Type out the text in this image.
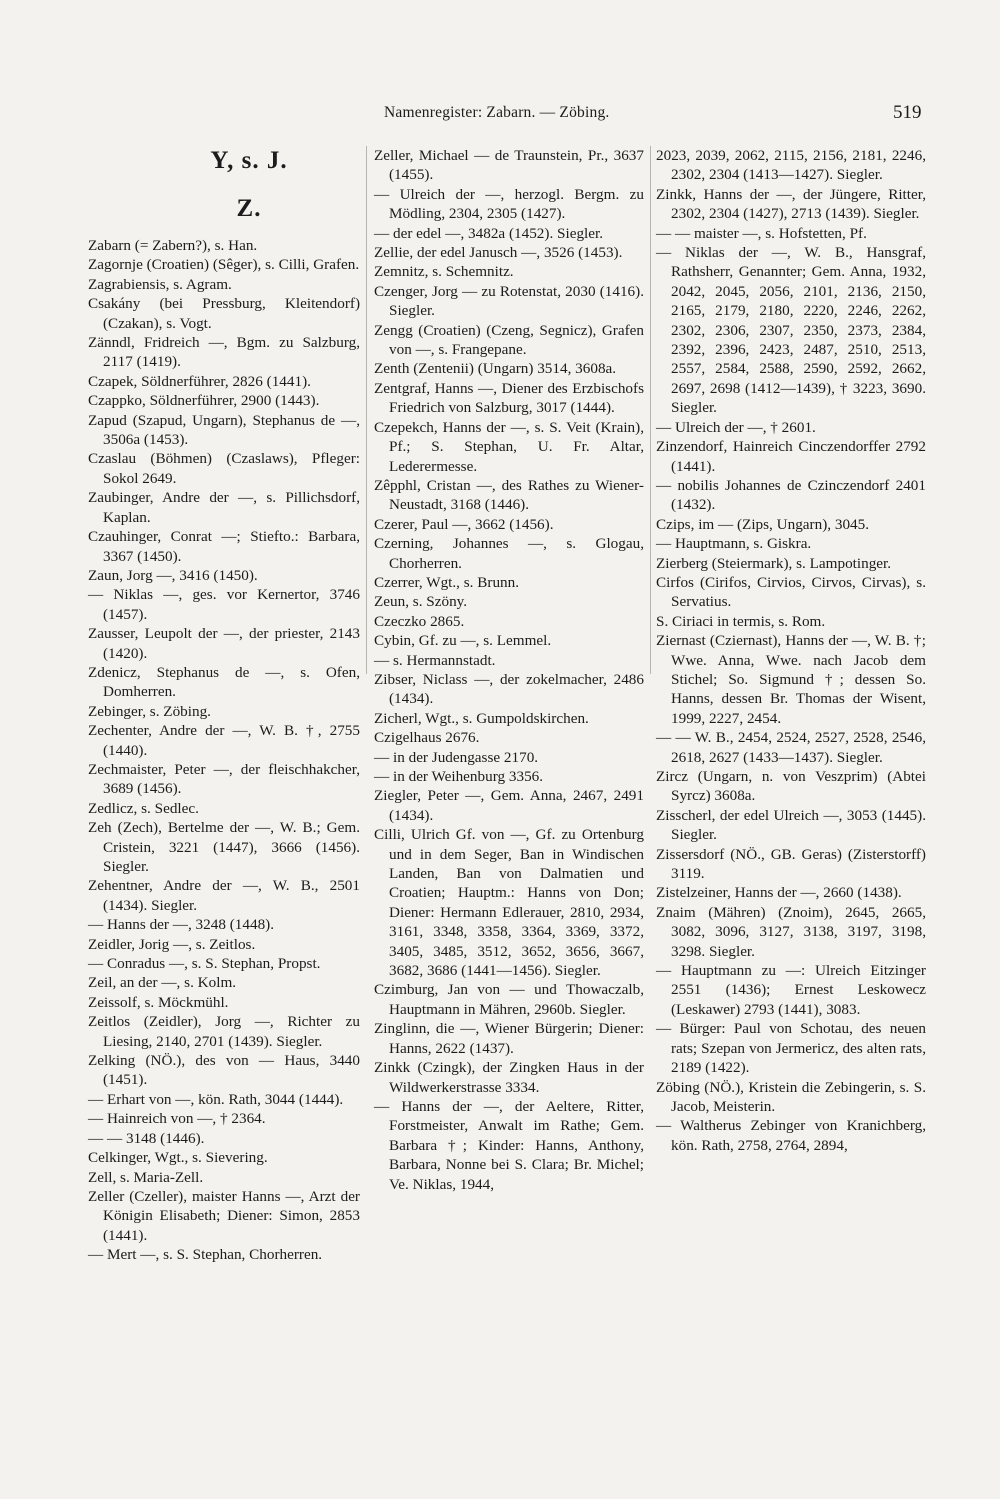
Namenregister: Zabarn. — Zöbing.	519
Y, s. J.
Z.

Zabarn (= Zabern?), s. Han.

Zagornje (Croatien) (Sêger), s. Cilli, Grafen.

Zagrabiensis, s. Agram.

Csakány (bei Pressburg, Kleitendorf) (Czakan), s. Vogt.

Zänndl, Fridreich —, Bgm. zu Salzburg, 2117 (1419).

Czapek, Söldnerführer, 2826 (1441).

Czappko, Söldnerführer, 2900 (1443).

Zapud (Szapud, Ungarn), Stephanus de —, 3506a (1453).

Czaslau (Böhmen) (Czaslaws), Pfleger: Sokol 2649.

Zaubinger, Andre der —, s. Pillichsdorf, Kaplan.

Czauhinger, Conrat —; Stiefto.: Barbara, 3367 (1450).

Zaun, Jorg —, 3416 (1450).

— Niklas —, ges. vor Kernertor, 3746 (1457).

Zausser, Leupolt der —, der priester, 2143 (1420).

Zdenicz, Stephanus de —, s. Ofen, Domherren.

Zebinger, s. Zöbing.

Zechenter, Andre der —, W. B. †, 2755 (1440).

Zechmaister, Peter —, der fleischhakcher, 3689 (1456).

Zedlicz, s. Sedlec.

Zeh (Zech), Bertelme der —, W. B.; Gem. Cristein, 3221 (1447), 3666 (1456). Siegler.

Zehentner, Andre der —, W. B., 2501 (1434). Siegler.

— Hanns der —, 3248 (1448).

Zeidler, Jorig —, s. Zeitlos.

— Conradus —, s. S. Stephan, Propst.

Zeil, an der —, s. Kolm.

Zeissolf, s. Möckmühl.

Zeitlos (Zeidler), Jorg —, Richter zu Liesing, 2140, 2701 (1439). Siegler.

Zelking (NÖ.), des von — Haus, 3440 (1451).

— Erhart von —, kön. Rath, 3044 (1444).

— Hainreich von —, † 2364.

— — 3148 (1446).

Celkinger, Wgt., s. Sievering.

Zell, s. Maria-Zell.

Zeller (Czeller), maister Hanns —, Arzt der Königin Elisabeth; Diener: Simon, 2853 (1441).

— Mert —, s. S. Stephan, Chorherren.

Zeller, Michael — de Traunstein, Pr., 3637 (1455).

— Ulreich der —, herzogl. Bergm. zu Mödling, 2304, 2305 (1427).

— der edel —, 3482a (1452). Siegler.

Zellie, der edel Janusch —, 3526 (1453).

Zemnitz, s. Schemnitz.

Czenger, Jorg — zu Rotenstat, 2030 (1416). Siegler.

Zengg (Croatien) (Czeng, Segnicz), Grafen von —, s. Frangepane.

Zenth (Zentenii) (Ungarn) 3514, 3608a.

Zentgraf, Hanns —, Diener des Erzbischofs Friedrich von Salzburg, 3017 (1444).

Czepekch, Hanns der —, s. S. Veit (Krain), Pf.; S. Stephan, U. Fr. Altar, Lederermesse.

Zêpphl, Cristan —, des Rathes zu Wiener-Neustadt, 3168 (1446).

Czerer, Paul —, 3662 (1456).

Czerning, Johannes —, s. Glogau, Chorherren.

Czerrer, Wgt., s. Brunn.

Zeun, s. Szöny.

Czeczko 2865.

Cybin, Gf. zu —, s. Lemmel.

— s. Hermannstadt.

Zibser, Niclass —, der zokelmacher, 2486 (1434).

Zicherl, Wgt., s. Gumpoldskirchen.

Czigelhaus 2676.

— in der Judengasse 2170.

— in der Weihenburg 3356.

Ziegler, Peter —, Gem. Anna, 2467, 2491 (1434).

Cilli, Ulrich Gf. von —, Gf. zu Ortenburg und in dem Seger, Ban in Windischen Landen, Ban von Dalmatien und Croatien; Hauptm.: Hanns von Don; Diener: Hermann Edlerauer, 2810, 2934, 3161, 3348, 3358, 3364, 3369, 3372, 3405, 3485, 3512, 3652, 3656, 3667, 3682, 3686 (1441—1456). Siegler.

Czimburg, Jan von — und Thowaczalb, Hauptmann in Mähren, 2960b. Siegler.

Zinglinn, die —, Wiener Bürgerin; Diener: Hanns, 2622 (1437).

Zinkk (Czingk), der Zingken Haus in der Wildwerkerstrasse 3334.

— Hanns der —, der Aeltere, Ritter, Forstmeister, Anwalt im Rathe; Gem. Barbara †; Kinder: Hanns, Anthony, Barbara, Nonne bei S. Clara; Br. Michel; Ve. Niklas, 1944,

2023, 2039, 2062, 2115, 2156, 2181, 2246, 2302, 2304 (1413—1427). Siegler.

Zinkk, Hanns der —, der Jüngere, Ritter, 2302, 2304 (1427), 2713 (1439). Siegler.

— — maister —, s. Hofstetten, Pf.

— Niklas der —, W. B., Hansgraf, Rathsherr, Genannter; Gem. Anna, 1932, 2042, 2045, 2056, 2101, 2136, 2150, 2165, 2179, 2180, 2220, 2246, 2262, 2302, 2306, 2307, 2350, 2373, 2384, 2392, 2396, 2423, 2487, 2510, 2513, 2557, 2584, 2588, 2590, 2592, 2662, 2697, 2698 (1412—1439), † 3223, 3690. Siegler.

— Ulreich der —, † 2601.

Zinzendorf, Hainreich Cinczendorffer 2792 (1441).

— nobilis Johannes de Czinczendorf 2401 (1432).

Czips, im — (Zips, Ungarn), 3045.

— Hauptmann, s. Giskra.

Zierberg (Steiermark), s. Lampotinger.

Cirfos (Cirifos, Cirvios, Cirvos, Cirvas), s. Servatius.

S. Ciriaci in termis, s. Rom.

Ziernast (Cziernast), Hanns der —, W. B. †; Wwe. Anna, Wwe. nach Jacob dem Stichel; So. Sigmund †; dessen So. Hanns, dessen Br. Thomas der Wisent, 1999, 2227, 2454.

— — W. B., 2454, 2524, 2527, 2528, 2546, 2618, 2627 (1433—1437). Siegler.

Zircz (Ungarn, n. von Veszprim) (Abtei Syrcz) 3608a.

Zisscherl, der edel Ulreich —, 3053 (1445). Siegler.

Zissersdorf (NÖ., GB. Geras) (Zisterstorff) 3119.

Zistelzeiner, Hanns der —, 2660 (1438).

Znaim (Mähren) (Znoim), 2645, 2665, 3082, 3096, 3127, 3138, 3197, 3198, 3298. Siegler.

— Hauptmann zu —: Ulreich Eitzinger 2551 (1436); Ernest Leskowecz (Leskawer) 2793 (1441), 3083.

— Bürger: Paul von Schotau, des neuen rats; Szepan von Jermericz, des alten rats, 2189 (1422).

Zöbing (NÖ.), Kristein die Zebingerin, s. S. Jacob, Meisterin.

— Waltherus Zebinger von Kranichberg, kön. Rath, 2758, 2764, 2894,
